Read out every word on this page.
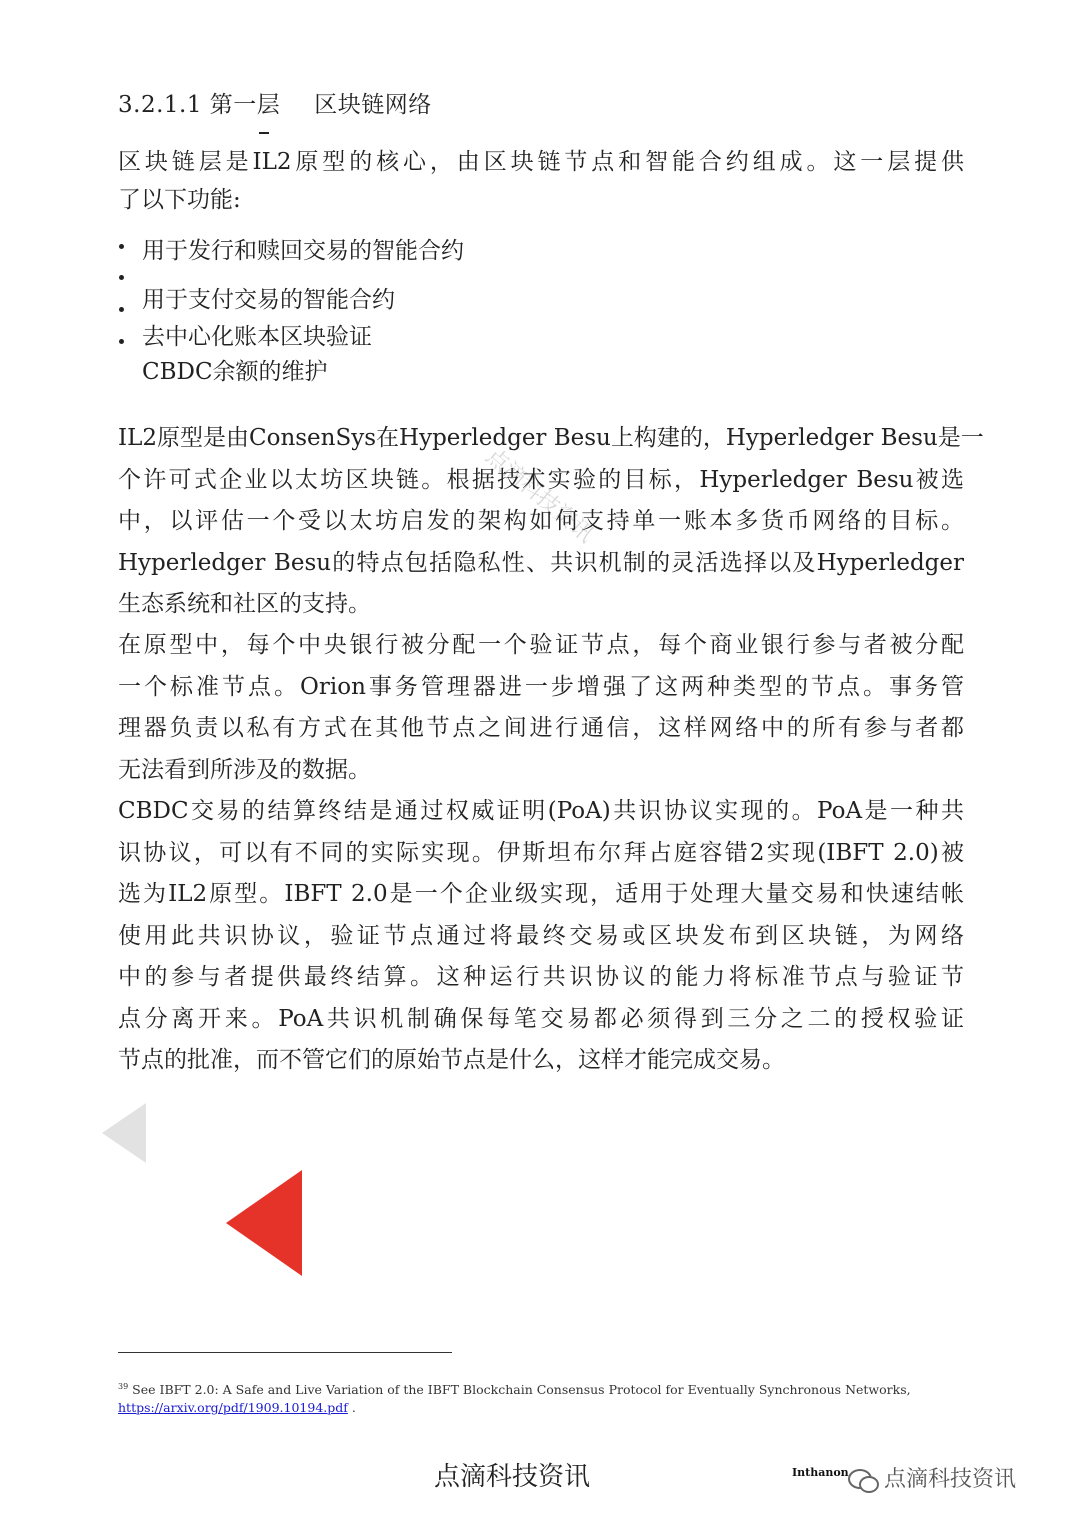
3.2.1.1 第一层 区块链网络
区块链层是IL2原型的核心，由区块链节点和智能合约组成。这一层提供
了以下功能:
用于发行和赎回交易的智能合约
用于支付交易的智能合约
去中心化账本区块验证
CBDC余额的维护
点滴科技资讯
IL2原型是由ConsenSys在Hyperledger Besu上构建的，Hyperledger Besu是一
个许可式企业以太坊区块链。根据技术实验的目标，Hyperledger Besu被选
中，以评估一个受以太坊启发的架构如何支持单一账本多货币网络的目标。
Hyperledger Besu的特点包括隐私性、共识机制的灵活选择以及Hyperledger
生态系统和社区的支持。
在原型中，每个中央银行被分配一个验证节点，每个商业银行参与者被分配
一个标准节点。Orion事务管理器进一步增强了这两种类型的节点。事务管
理器负责以私有方式在其他节点之间进行通信，这样网络中的所有参与者都
无法看到所涉及的数据。
CBDC交易的结算终结是通过权威证明(PoA)共识协议实现的。PoA是一种共
识协议，可以有不同的实际实现。伊斯坦布尔拜占庭容错2实现(IBFT 2.0)被
选为IL2原型。IBFT 2.0是一个企业级实现，适用于处理大量交易和快速结帐
使用此共识协议，验证节点通过将最终交易或区块发布到区块链，为网络
中的参与者提供最终结算。这种运行共识协议的能力将标准节点与验证节
点分离开来。PoA共识机制确保每笔交易都必须得到三分之二的授权验证
节点的批准，而不管它们的原始节点是什么，这样才能完成交易。
$^{39}$ See IBFT 2.0: A Safe and Live Variation of the IBFT Blockchain Consensus Protocol for Eventually Synchronous Networks,
https://arxiv.org/pdf/1909.10194.pdf .
点滴科技资讯	Inthanon	点滴科技资讯
